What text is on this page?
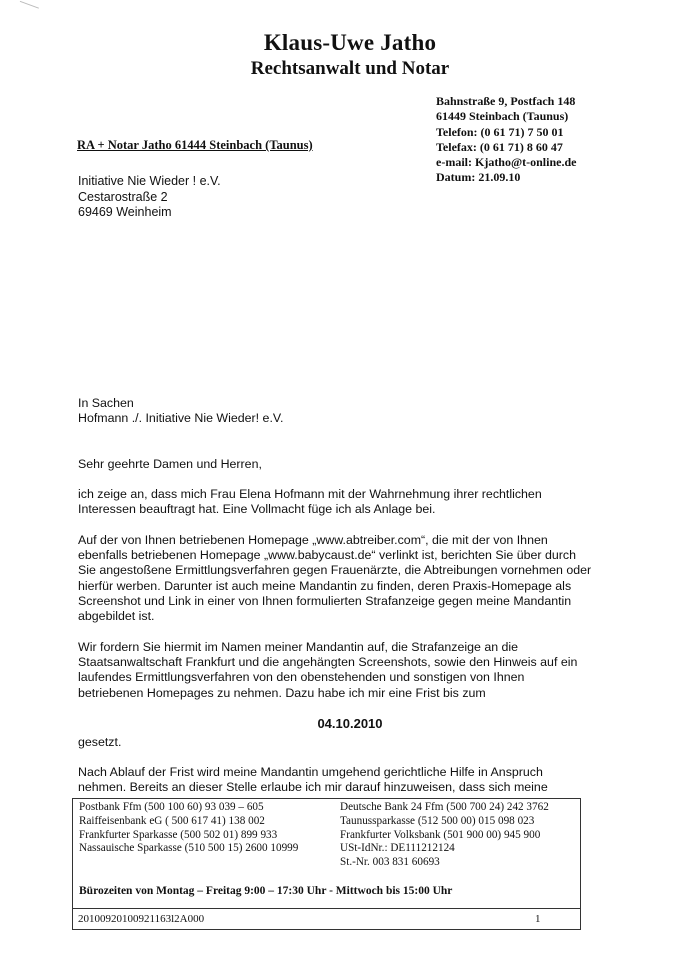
Klaus-Uwe Jatho
Rechtsanwalt und Notar
Bahnstraße 9, Postfach 148
61449 Steinbach (Taunus)
Telefon: (0 61 71) 7 50 01
Telefax: (0 61 71) 8 60 47
e-mail: Kjatho@t-online.de
Datum: 21.09.10
RA + Notar Jatho 61444 Steinbach (Taunus)
Initiative Nie Wieder ! e.V.
Cestarostraße 2
69469 Weinheim
In Sachen
Hofmann ./. Initiative Nie Wieder! e.V.
Sehr geehrte Damen und Herren,
ich zeige an, dass mich Frau Elena Hofmann mit der Wahrnehmung ihrer rechtlichen
Interessen beauftragt hat. Eine Vollmacht füge ich als Anlage bei.
Auf der von Ihnen betriebenen Homepage „www.abtreiber.com“, die mit der von Ihnen
ebenfalls betriebenen Homepage „www.babycaust.de“ verlinkt ist, berichten Sie über durch
Sie angestoßene Ermittlungsverfahren gegen Frauenärzte, die Abtreibungen vornehmen oder
hierfür werben. Darunter ist auch meine Mandantin zu finden, deren Praxis-Homepage als
Screenshot und Link in einer von Ihnen formulierten Strafanzeige gegen meine Mandantin
abgebildet ist.
Wir fordern Sie hiermit im Namen meiner Mandantin auf, die Strafanzeige an die
Staatsanwaltschaft Frankfurt und die angehängten Screenshots, sowie den Hinweis auf ein
laufendes Ermittlungsverfahren von den obenstehenden und sonstigen von Ihnen
betriebenen Homepages zu nehmen. Dazu habe ich mir eine Frist bis zum
04.10.2010
gesetzt.
Nach Ablauf der Frist wird meine Mandantin umgehend gerichtliche Hilfe in Anspruch
nehmen. Bereits an dieser Stelle erlaube ich mir darauf hinzuweisen, dass sich meine
Postbank Ffm (500 100 60) 93 039 – 605
Raiffeisenbank eG ( 500 617 41) 138 002
Frankfurter Sparkasse (500 502 01) 899 933
Nassauische Sparkasse (510 500 15) 2600 10999
Deutsche Bank 24 Ffm (500 700 24) 242 3762
Taunussparkasse (512 500 00) 015 098 023
Frankfurter Volksbank (501 900 00) 945 900
USt-IdNr.: DE111212124
St.-Nr. 003 831 60693
Bürozeiten von Montag – Freitag 9:00 – 17:30 Uhr - Mittwoch bis 15:00 Uhr
20100920100921163l2A000	1
